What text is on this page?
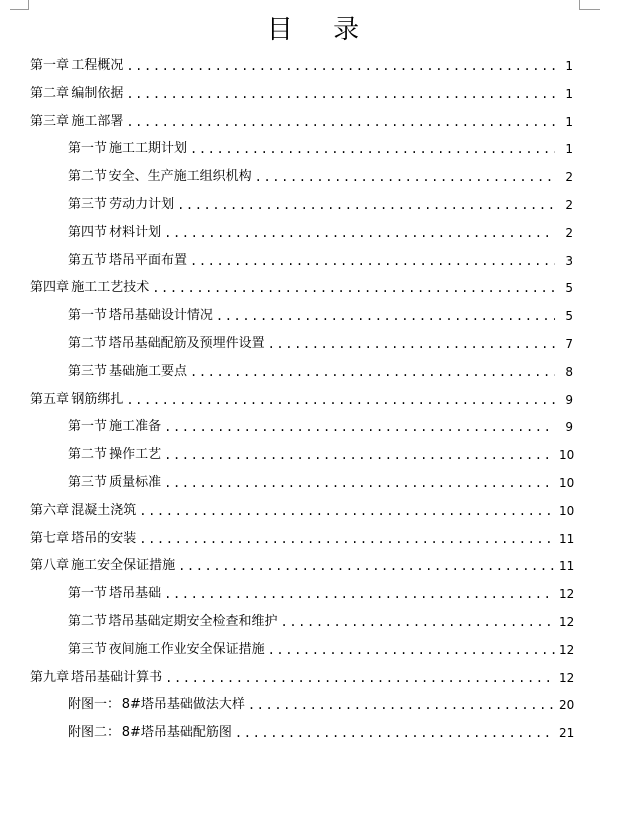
目 录
第一章 工程概况 .....	1
第二章 编制依据 .....	1
第三章 施工部署 .....	1
第一节 施工工期计划 .....	1
第二节 安全、生产施工组织机构 .....	2
第三节 劳动力计划 .....	2
第四节 材料计划 .....	2
第五节 塔吊平面布置 .....	3
第四章 施工工艺技术 .....	5
第一节 塔吊基础设计情况 .....	5
第二节 塔吊基础配筋及预埋件设置 .....	7
第三节 基础施工要点 .....	8
第五章 钢筋绑扎 .....	9
第一节 施工准备 .....	9
第二节 操作工艺 .....	10
第三节 质量标准 .....	10
第六章 混凝土浇筑 .....	10
第七章 塔吊的安装 .....	11
第八章 施工安全保证措施 .....	11
第一节 塔吊基础 .....	12
第二节 塔吊基础定期安全检查和维护 .....	12
第三节 夜间施工作业安全保证措施 .....	12
第九章 塔吊基础计算书 .....	12
附图一： 8#塔吊基础做法大样 .....	20
附图二： 8#塔吊基础配筋图 .....	21
